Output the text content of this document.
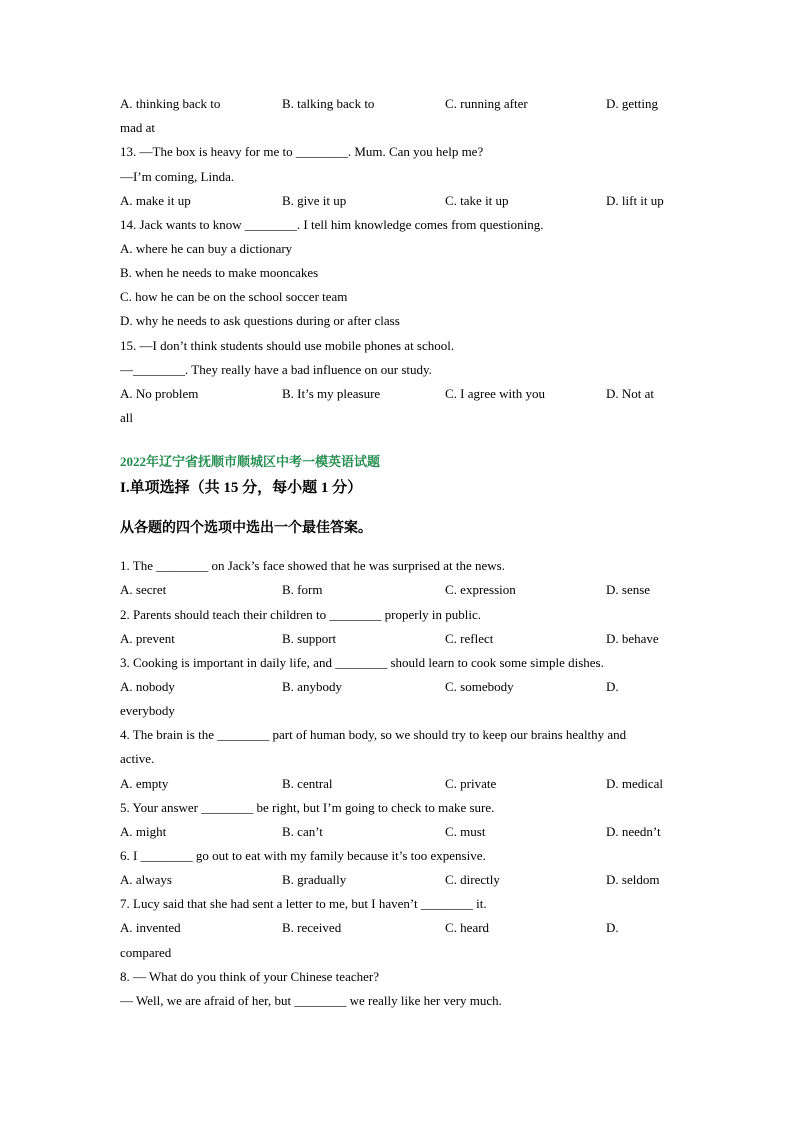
A. thinking back to	B. talking back to	C. running after	D. getting
mad at
13. —The box is heavy for me to ________. Mum. Can you help me?
—I’m coming, Linda.
A. make it up	B. give it up	C. take it up	D. lift it up
14. Jack wants to know ________. I tell him knowledge comes from questioning.
A. where he can buy a dictionary
B. when he needs to make mooncakes
C. how he can be on the school soccer team
D. why he needs to ask questions during or after class
15. —I don’t think students should use mobile phones at school.
—________. They really have a bad influence on our study.
A. No problem	B. It’s my pleasure	C. I agree with you	D. Not at
all
2022年辽宁省抚顺市顺城区中考一模英语试题
I.单项选择（共 15 分，每小题 1 分）
从各题的四个选项中选出一个最佳答案。
1. The ________ on Jack’s face showed that he was surprised at the news.
A. secret	B. form	C. expression	D. sense
2. Parents should teach their children to ________ properly in public.
A. prevent	B. support	C. reflect	D. behave
3. Cooking is important in daily life, and ________ should learn to cook some simple dishes.
A. nobody	B. anybody	C. somebody	D.
everybody
4. The brain is the ________ part of human body, so we should try to keep our brains healthy and
active.
A. empty	B. central	C. private	D. medical
5. Your answer ________ be right, but I’m going to check to make sure.
A. might	B. can’t	C. must	D. needn’t
6. I ________ go out to eat with my family because it’s too expensive.
A. always	B. gradually	C. directly	D. seldom
7. Lucy said that she had sent a letter to me, but I haven’t ________ it.
A. invented	B. received	C. heard	D.
compared
8. — What do you think of your Chinese teacher?
— Well, we are afraid of her, but ________ we really like her very much.
